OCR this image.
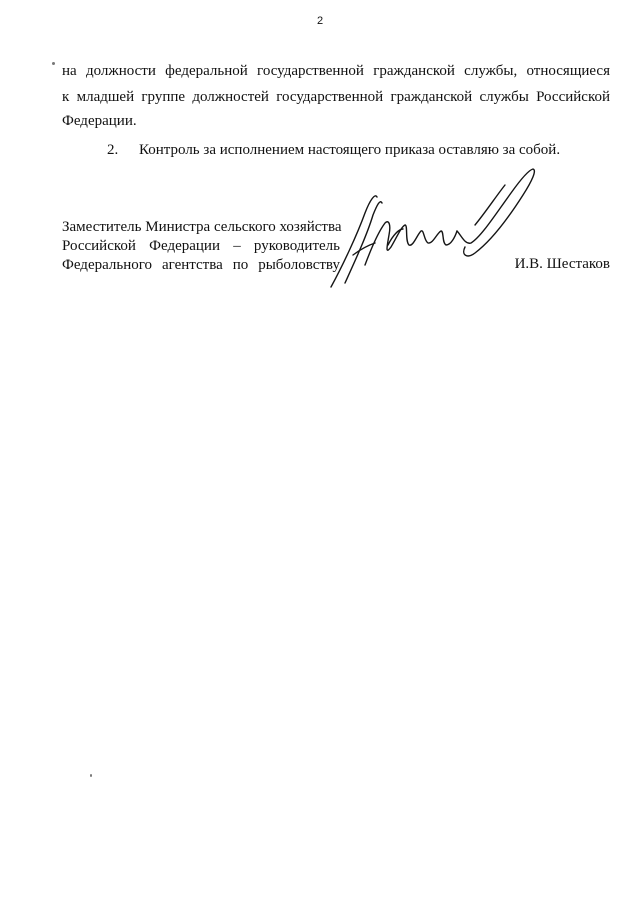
2
на должности федеральной государственной гражданской службы, относящиеся
к младшей группе должностей государственной гражданской службы Российской
Федерации.
2. Контроль за исполнением настоящего приказа оставляю за собой.
Заместитель Министра сельского хозяйства
Российской Федерации – руководитель
Федерального агентства по рыболовству	И.В. Шестаков
